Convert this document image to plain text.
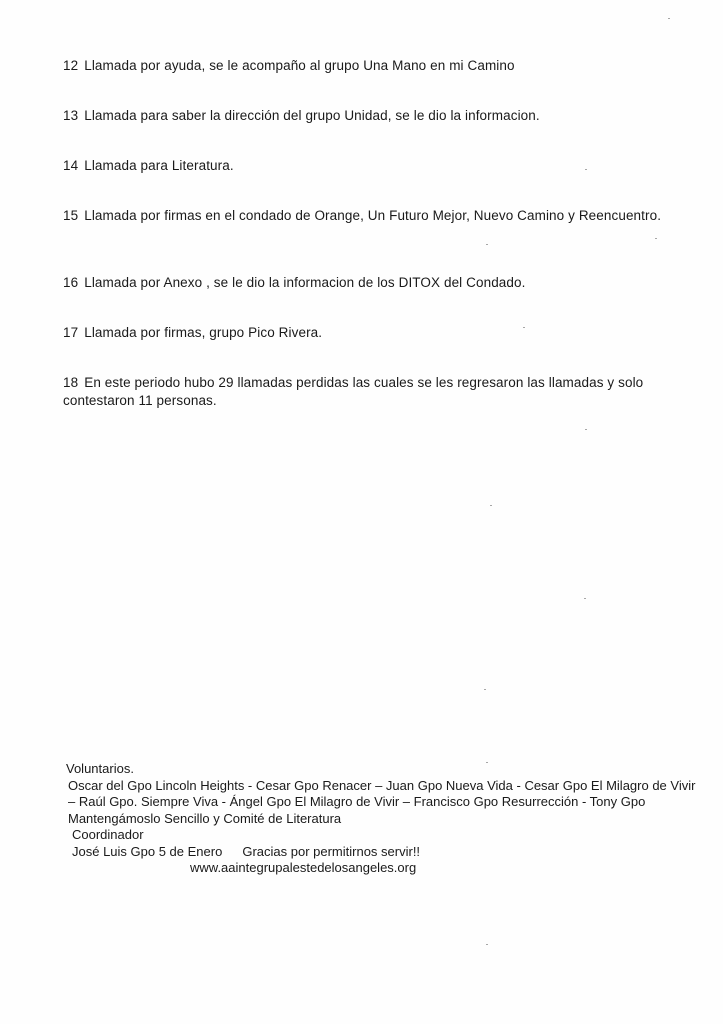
12 Llamada por ayuda, se le acompaño al grupo Una Mano en mi Camino
13 Llamada para saber la dirección del grupo Unidad, se le dio la informacion.
14 Llamada para Literatura.
15 Llamada por firmas en el condado de Orange, Un Futuro Mejor, Nuevo Camino y Reencuentro.
16 Llamada por Anexo , se le dio la informacion de los DITOX del Condado.
17 Llamada por firmas, grupo Pico Rivera.
18 En este periodo hubo 29 llamadas perdidas las cuales se les regresaron las llamadas y solo contestaron 11 personas.
Voluntarios.
Oscar del Gpo Lincoln Heights - Cesar Gpo Renacer – Juan Gpo Nueva Vida - Cesar Gpo El Milagro de Vivir – Raúl Gpo. Siempre Viva - Ángel Gpo El Milagro de Vivir – Francisco Gpo Resurrección - Tony Gpo Mantengámoslo Sencillo y Comité de Literatura
Coordinador
José Luis Gpo 5 de Enero Gracias por permitirnos servir!!
www.aaintegrupalestedelosangeles.org
